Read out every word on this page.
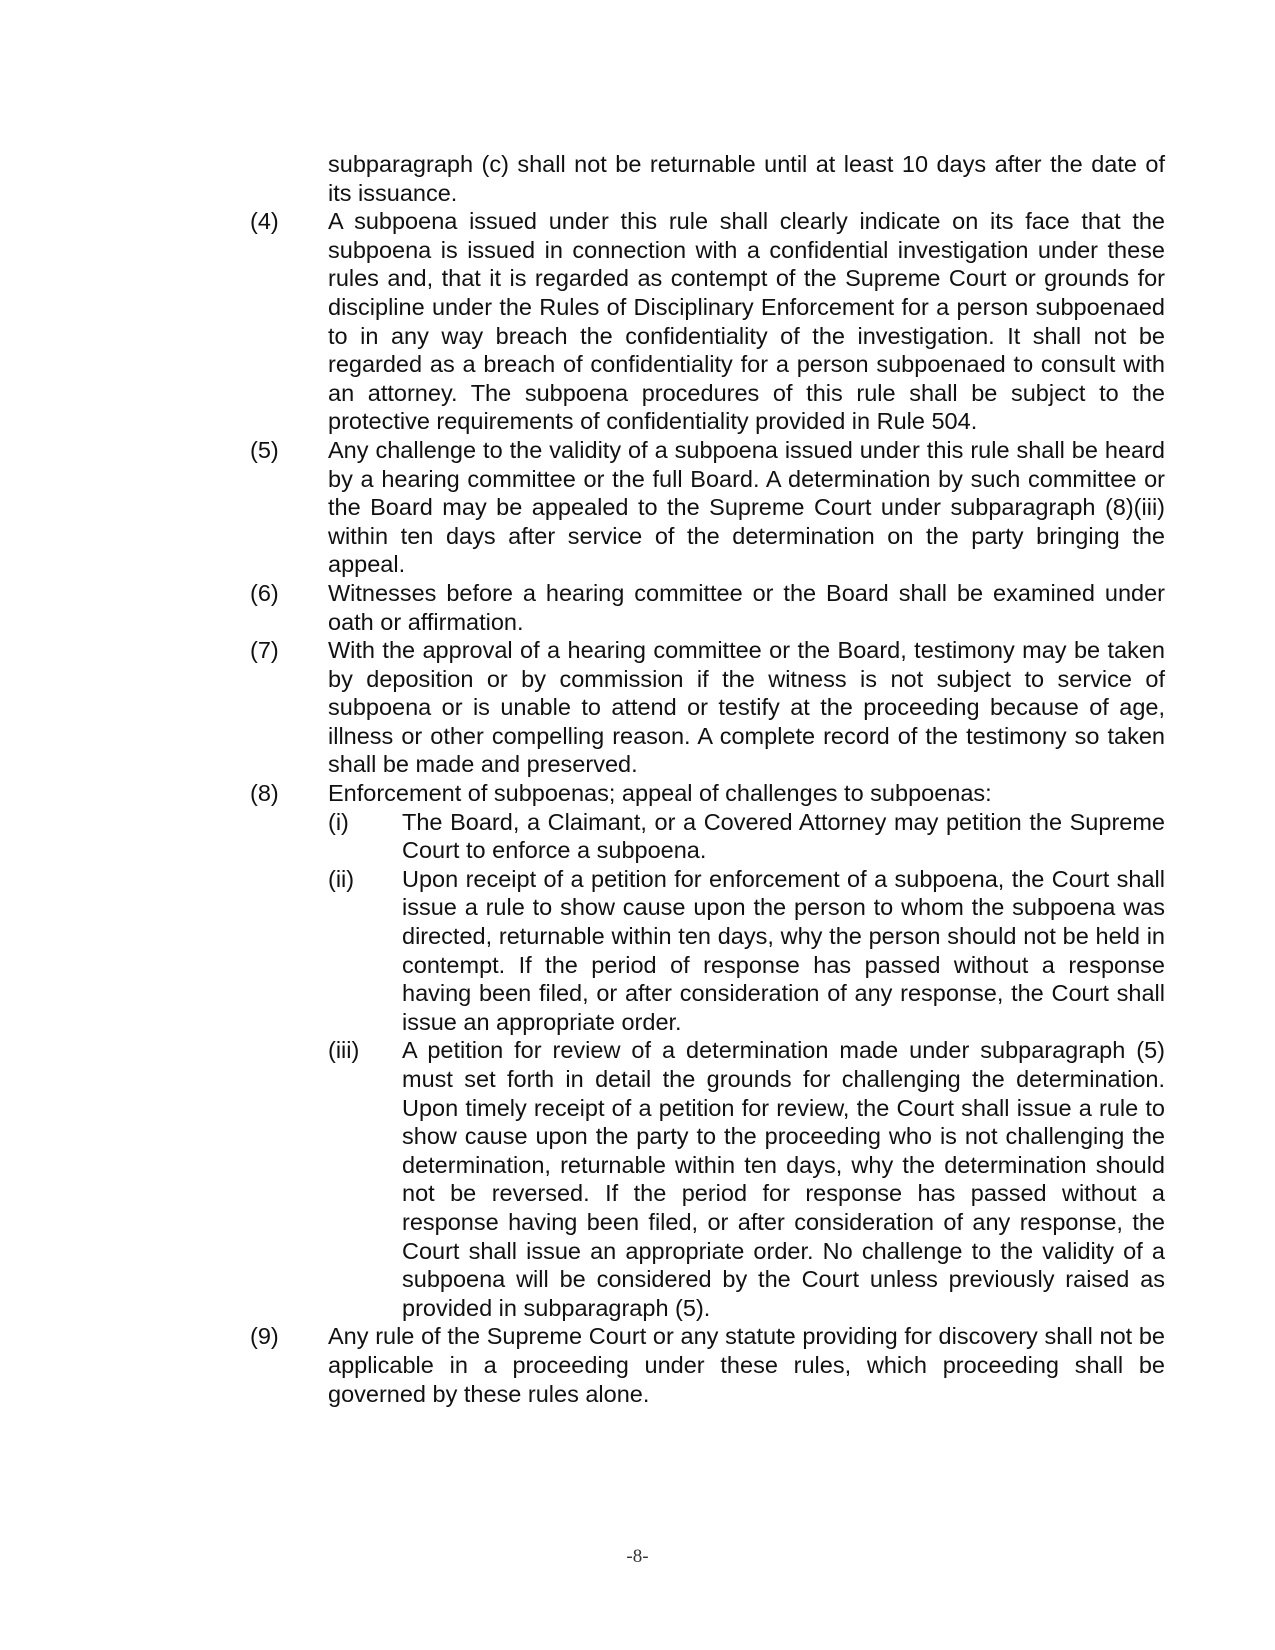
subparagraph (c) shall not be returnable until at least 10 days after the date of its issuance.
(4)	A subpoena issued under this rule shall clearly indicate on its face that the subpoena is issued in connection with a confidential investigation under these rules and, that it is regarded as contempt of the Supreme Court or grounds for discipline under the Rules of Disciplinary Enforcement for a person subpoenaed to in any way breach the confidentiality of the investigation. It shall not be regarded as a breach of confidentiality for a person subpoenaed to consult with an attorney. The subpoena procedures of this rule shall be subject to the protective requirements of confidentiality provided in Rule 504.
(5)	Any challenge to the validity of a subpoena issued under this rule shall be heard by a hearing committee or the full Board. A determination by such committee or the Board may be appealed to the Supreme Court under subparagraph (8)(iii) within ten days after service of the determination on the party bringing the appeal.
(6)	Witnesses before a hearing committee or the Board shall be examined under oath or affirmation.
(7)	With the approval of a hearing committee or the Board, testimony may be taken by deposition or by commission if the witness is not subject to service of subpoena or is unable to attend or testify at the proceeding because of age, illness or other compelling reason. A complete record of the testimony so taken shall be made and preserved.
(8)	Enforcement of subpoenas; appeal of challenges to subpoenas:
(i)	The Board, a Claimant, or a Covered Attorney may petition the Supreme Court to enforce a subpoena.
(ii)	Upon receipt of a petition for enforcement of a subpoena, the Court shall issue a rule to show cause upon the person to whom the subpoena was directed, returnable within ten days, why the person should not be held in contempt. If the period of response has passed without a response having been filed, or after consideration of any response, the Court shall issue an appropriate order.
(iii)	A petition for review of a determination made under subparagraph (5) must set forth in detail the grounds for challenging the determination. Upon timely receipt of a petition for review, the Court shall issue a rule to show cause upon the party to the proceeding who is not challenging the determination, returnable within ten days, why the determination should not be reversed. If the period for response has passed without a response having been filed, or after consideration of any response, the Court shall issue an appropriate order. No challenge to the validity of a subpoena will be considered by the Court unless previously raised as provided in subparagraph (5).
(9)	Any rule of the Supreme Court or any statute providing for discovery shall not be applicable in a proceeding under these rules, which proceeding shall be governed by these rules alone.
-8-
